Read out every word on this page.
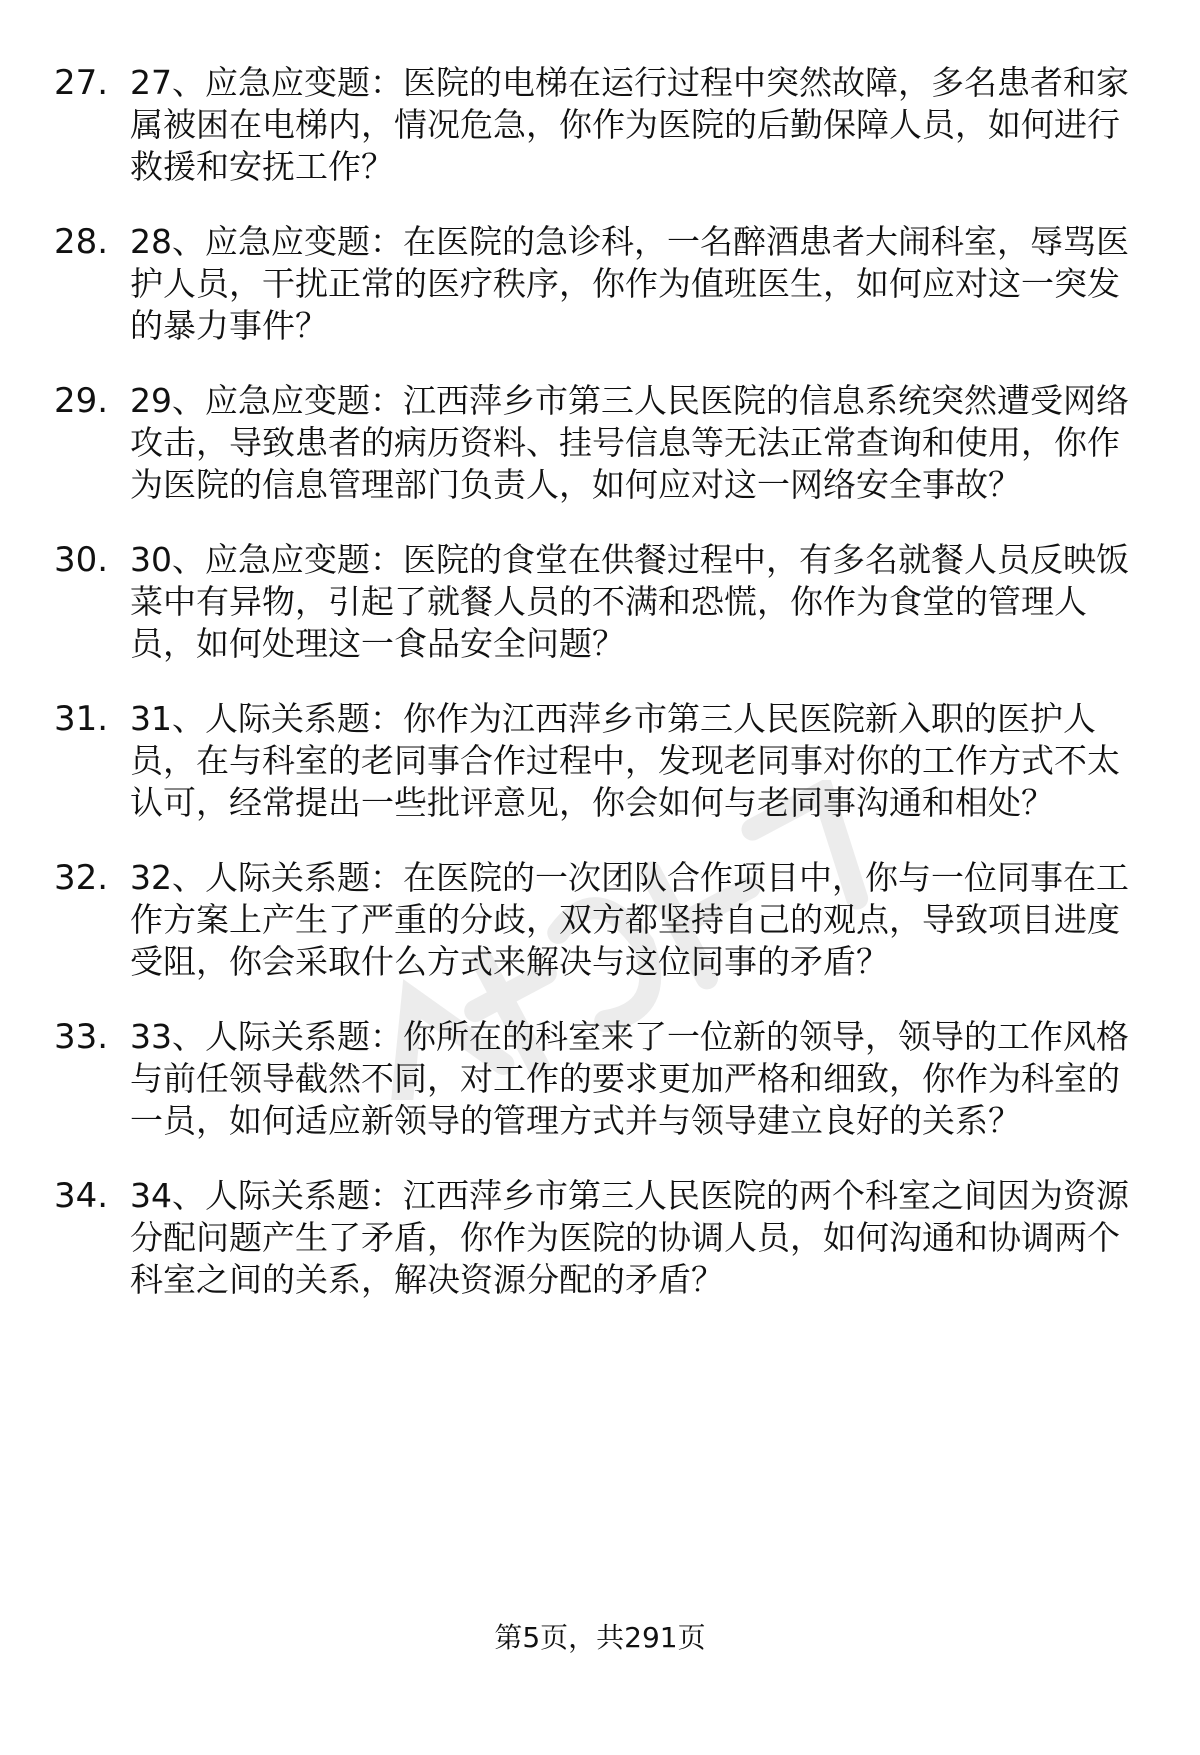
27. 27、应急应变题：医院的电梯在运行过程中突然故障，多名患者和家属被困在电梯内，情况危急，你作为医院的后勤保障人员，如何进行救援和安抚工作？
28. 28、应急应变题：在医院的急诊科，一名醉酒患者大闹科室，辱骂医护人员，干扰正常的医疗秩序，你作为值班医生，如何应对这一突发的暴力事件？
29. 29、应急应变题：江西萍乡市第三人民医院的信息系统突然遭受网络攻击，导致患者的病历资料、挂号信息等无法正常查询和使用，你作为医院的信息管理部门负责人，如何应对这一网络安全事故？
30. 30、应急应变题：医院的食堂在供餐过程中，有多名就餐人员反映饭菜中有异物，引起了就餐人员的不满和恐慌，你作为食堂的管理人员，如何处理这一食品安全问题？
31. 31、人际关系题：你作为江西萍乡市第三人民医院新入职的医护人员，在与科室的老同事合作过程中，发现老同事对你的工作方式不太认可，经常提出一些批评意见，你会如何与老同事沟通和相处？
32. 32、人际关系题：在医院的一次团队合作项目中，你与一位同事在工作方案上产生了严重的分歧，双方都坚持自己的观点，导致项目进度受阻，你会采取什么方式来解决与这位同事的矛盾？
33. 33、人际关系题：你所在的科室来了一位新的领导，领导的工作风格与前任领导截然不同，对工作的要求更加严格和细致，你作为科室的一员，如何适应新领导的管理方式并与领导建立良好的关系？
34. 34、人际关系题：江西萍乡市第三人民医院的两个科室之间因为资源分配问题产生了矛盾，你作为医院的协调人员，如何沟通和协调两个科室之间的关系，解决资源分配的矛盾？
第5页，共291页
